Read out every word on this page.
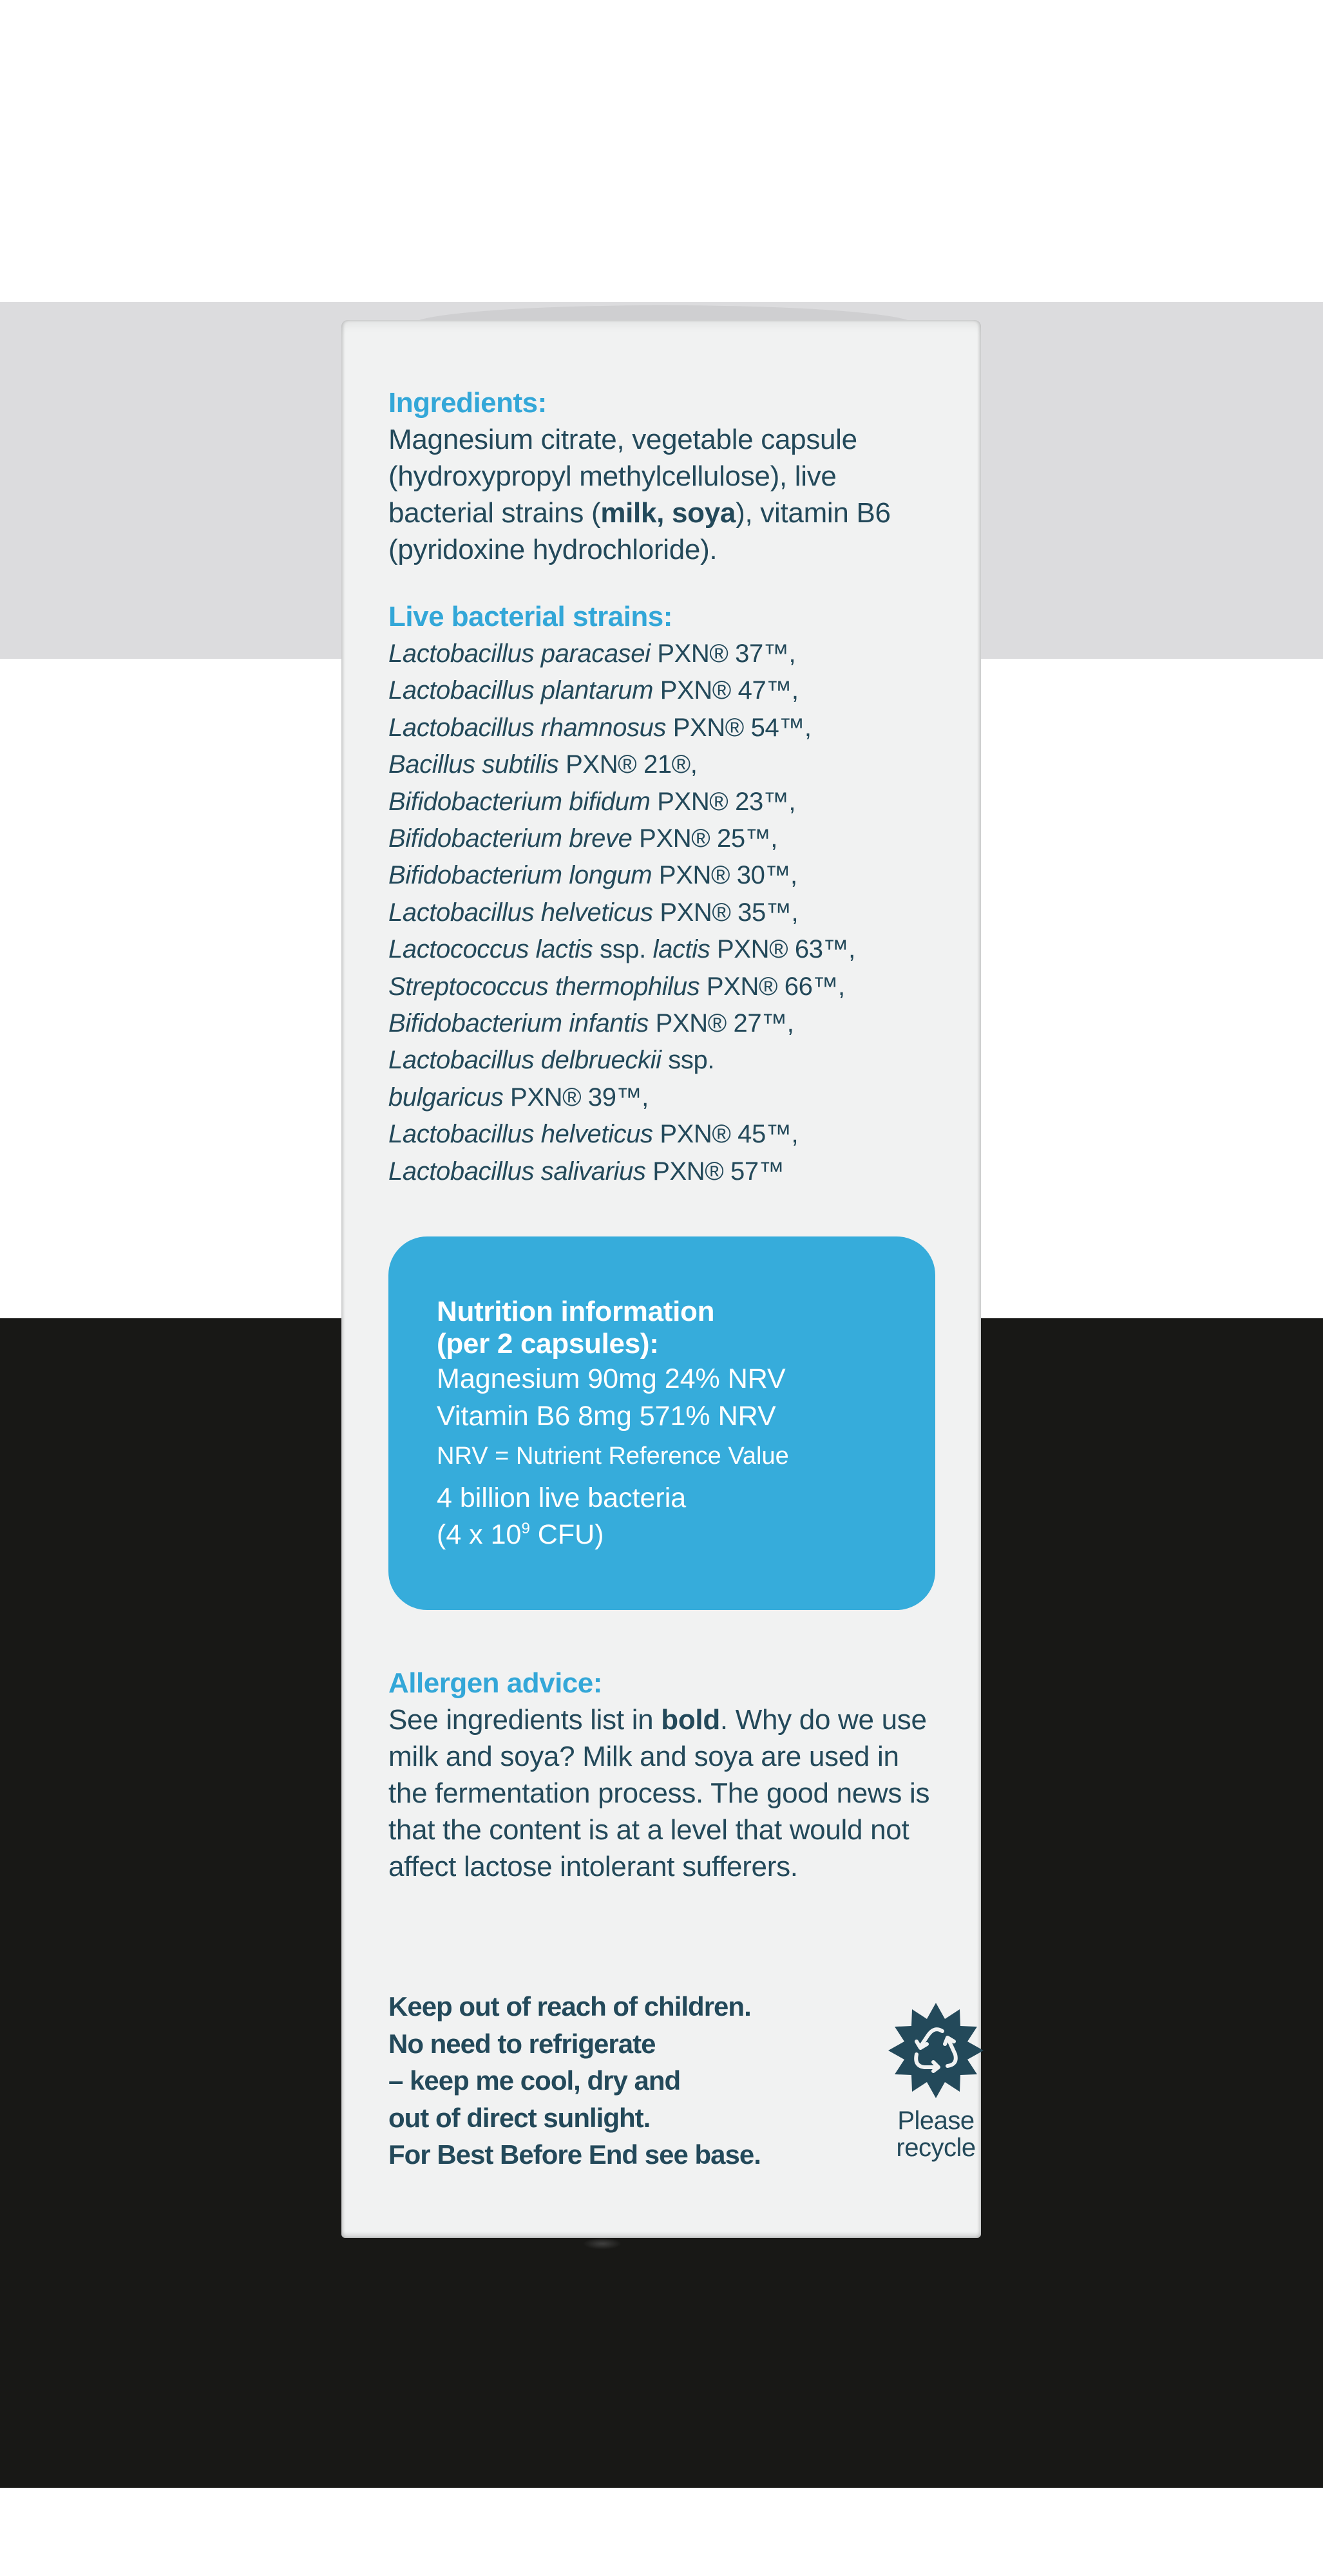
Ingredients:
Magnesium citrate, vegetable capsule (hydroxypropyl methylcellulose), live bacterial strains (milk, soya), vitamin B6 (pyridoxine hydrochloride).
Live bacterial strains:
Lactobacillus paracasei PXN® 37™,
Lactobacillus plantarum PXN® 47™,
Lactobacillus rhamnosus PXN® 54™,
Bacillus subtilis PXN® 21®,
Bifidobacterium bifidum PXN® 23™,
Bifidobacterium breve PXN® 25™,
Bifidobacterium longum PXN® 30™,
Lactobacillus helveticus PXN® 35™,
Lactococcus lactis ssp. lactis PXN® 63™,
Streptococcus thermophilus PXN® 66™,
Bifidobacterium infantis PXN® 27™,
Lactobacillus delbrueckii ssp.
bulgaricus PXN® 39™,
Lactobacillus helveticus PXN® 45™,
Lactobacillus salivarius PXN® 57™
Nutrition information
(per 2 capsules):
Magnesium 90mg 24% NRV
Vitamin B6 8mg 571% NRV
NRV = Nutrient Reference Value
4 billion live bacteria
(4 x $10^9$ CFU)
Allergen advice:
See ingredients list in bold. Why do we use milk and soya? Milk and soya are used in the fermentation process. The good news is that the content is at a level that would not affect lactose intolerant sufferers.
Keep out of reach of children.
No need to refrigerate
– keep me cool, dry and
out of direct sunlight.
For Best Before End see base.
Please
recycle
